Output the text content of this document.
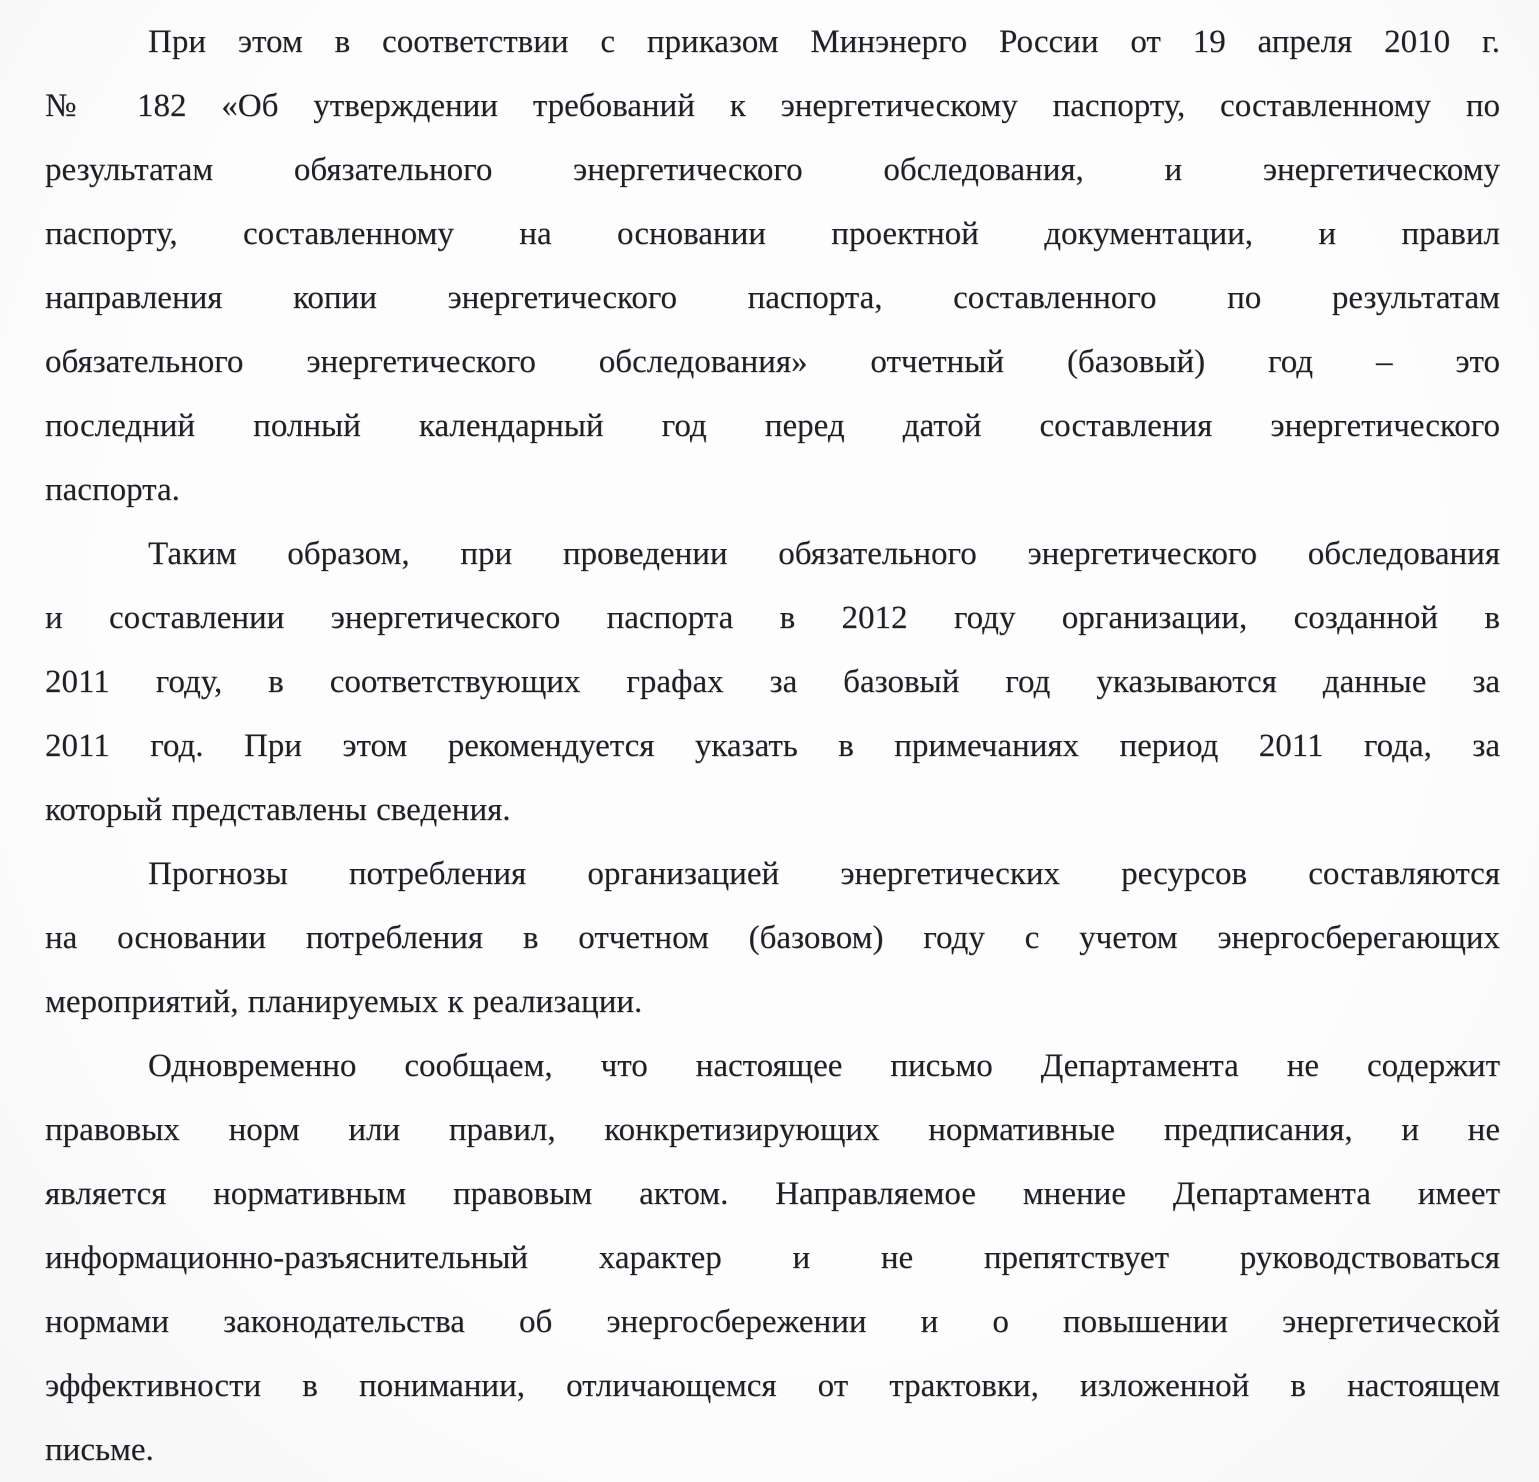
При этом в соответствии с приказом Минэнерго России от 19 апреля 2010 г.
№ 182 «Об утверждении требований к энергетическому паспорту, составленному по
результатам обязательного энергетического обследования, и энергетическому
паспорту, составленному на основании проектной документации, и правил
направления копии энергетического паспорта, составленного по результатам
обязательного энергетического обследования» отчетный (базовый) год – это
последний полный календарный год перед датой составления энергетического
паспорта.
Таким образом, при проведении обязательного энергетического обследования
и составлении энергетического паспорта в 2012 году организации, созданной в
2011 году, в соответствующих графах за базовый год указываются данные за
2011 год. При этом рекомендуется указать в примечаниях период 2011 года, за
который представлены сведения.
Прогнозы потребления организацией энергетических ресурсов составляются
на основании потребления в отчетном (базовом) году с учетом энергосберегающих
мероприятий, планируемых к реализации.
Одновременно сообщаем, что настоящее письмо Департамента не содержит
правовых норм или правил, конкретизирующих нормативные предписания, и не
является нормативным правовым актом. Направляемое мнение Департамента имеет
информационно-разъяснительный характер и не препятствует руководствоваться
нормами законодательства об энергосбережении и о повышении энергетической
эффективности в понимании, отличающемся от трактовки, изложенной в настоящем
письме.
